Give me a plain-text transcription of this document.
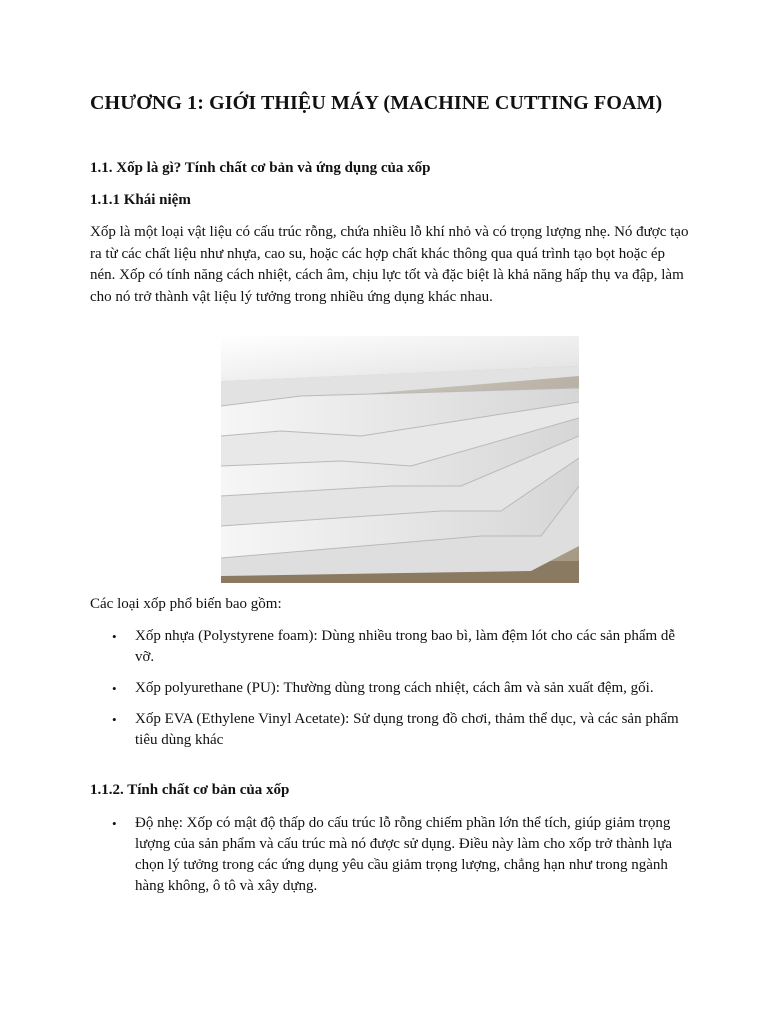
CHƯƠNG 1: GIỚI THIỆU MÁY (MACHINE CUTTING FOAM)
1.1. Xốp là gì? Tính chất cơ bản và ứng dụng của xốp
1.1.1 Khái niệm

Xốp là một loại vật liệu có cấu trúc rỗng, chứa nhiều lỗ khí nhỏ và có trọng lượng nhẹ. Nó được tạo ra từ các chất liệu như nhựa, cao su, hoặc các hợp chất khác thông qua quá trình tạo bọt hoặc ép nén. Xốp có tính năng cách nhiệt, cách âm, chịu lực tốt và đặc biệt là khả năng hấp thụ va đập, làm cho nó trở thành vật liệu lý tưởng trong nhiều ứng dụng khác nhau.

Các loại xốp phổ biến bao gồm:

• Xốp nhựa (Polystyrene foam): Dùng nhiều trong bao bì, làm đệm lót cho các sản phẩm dễ vỡ.
• Xốp polyurethane (PU): Thường dùng trong cách nhiệt, cách âm và sản xuất đệm, gối.
• Xốp EVA (Ethylene Vinyl Acetate): Sử dụng trong đồ chơi, thảm thể dục, và các sản phẩm tiêu dùng khác
1.1.2. Tính chất cơ bản của xốp
• Độ nhẹ: Xốp có mật độ thấp do cấu trúc lỗ rỗng chiếm phần lớn thể tích, giúp giảm trọng lượng của sản phẩm và cấu trúc mà nó được sử dụng. Điều này làm cho xốp trở thành lựa chọn lý tưởng trong các ứng dụng yêu cầu giảm trọng lượng, chẳng hạn như trong ngành hàng không, ô tô và xây dựng.
